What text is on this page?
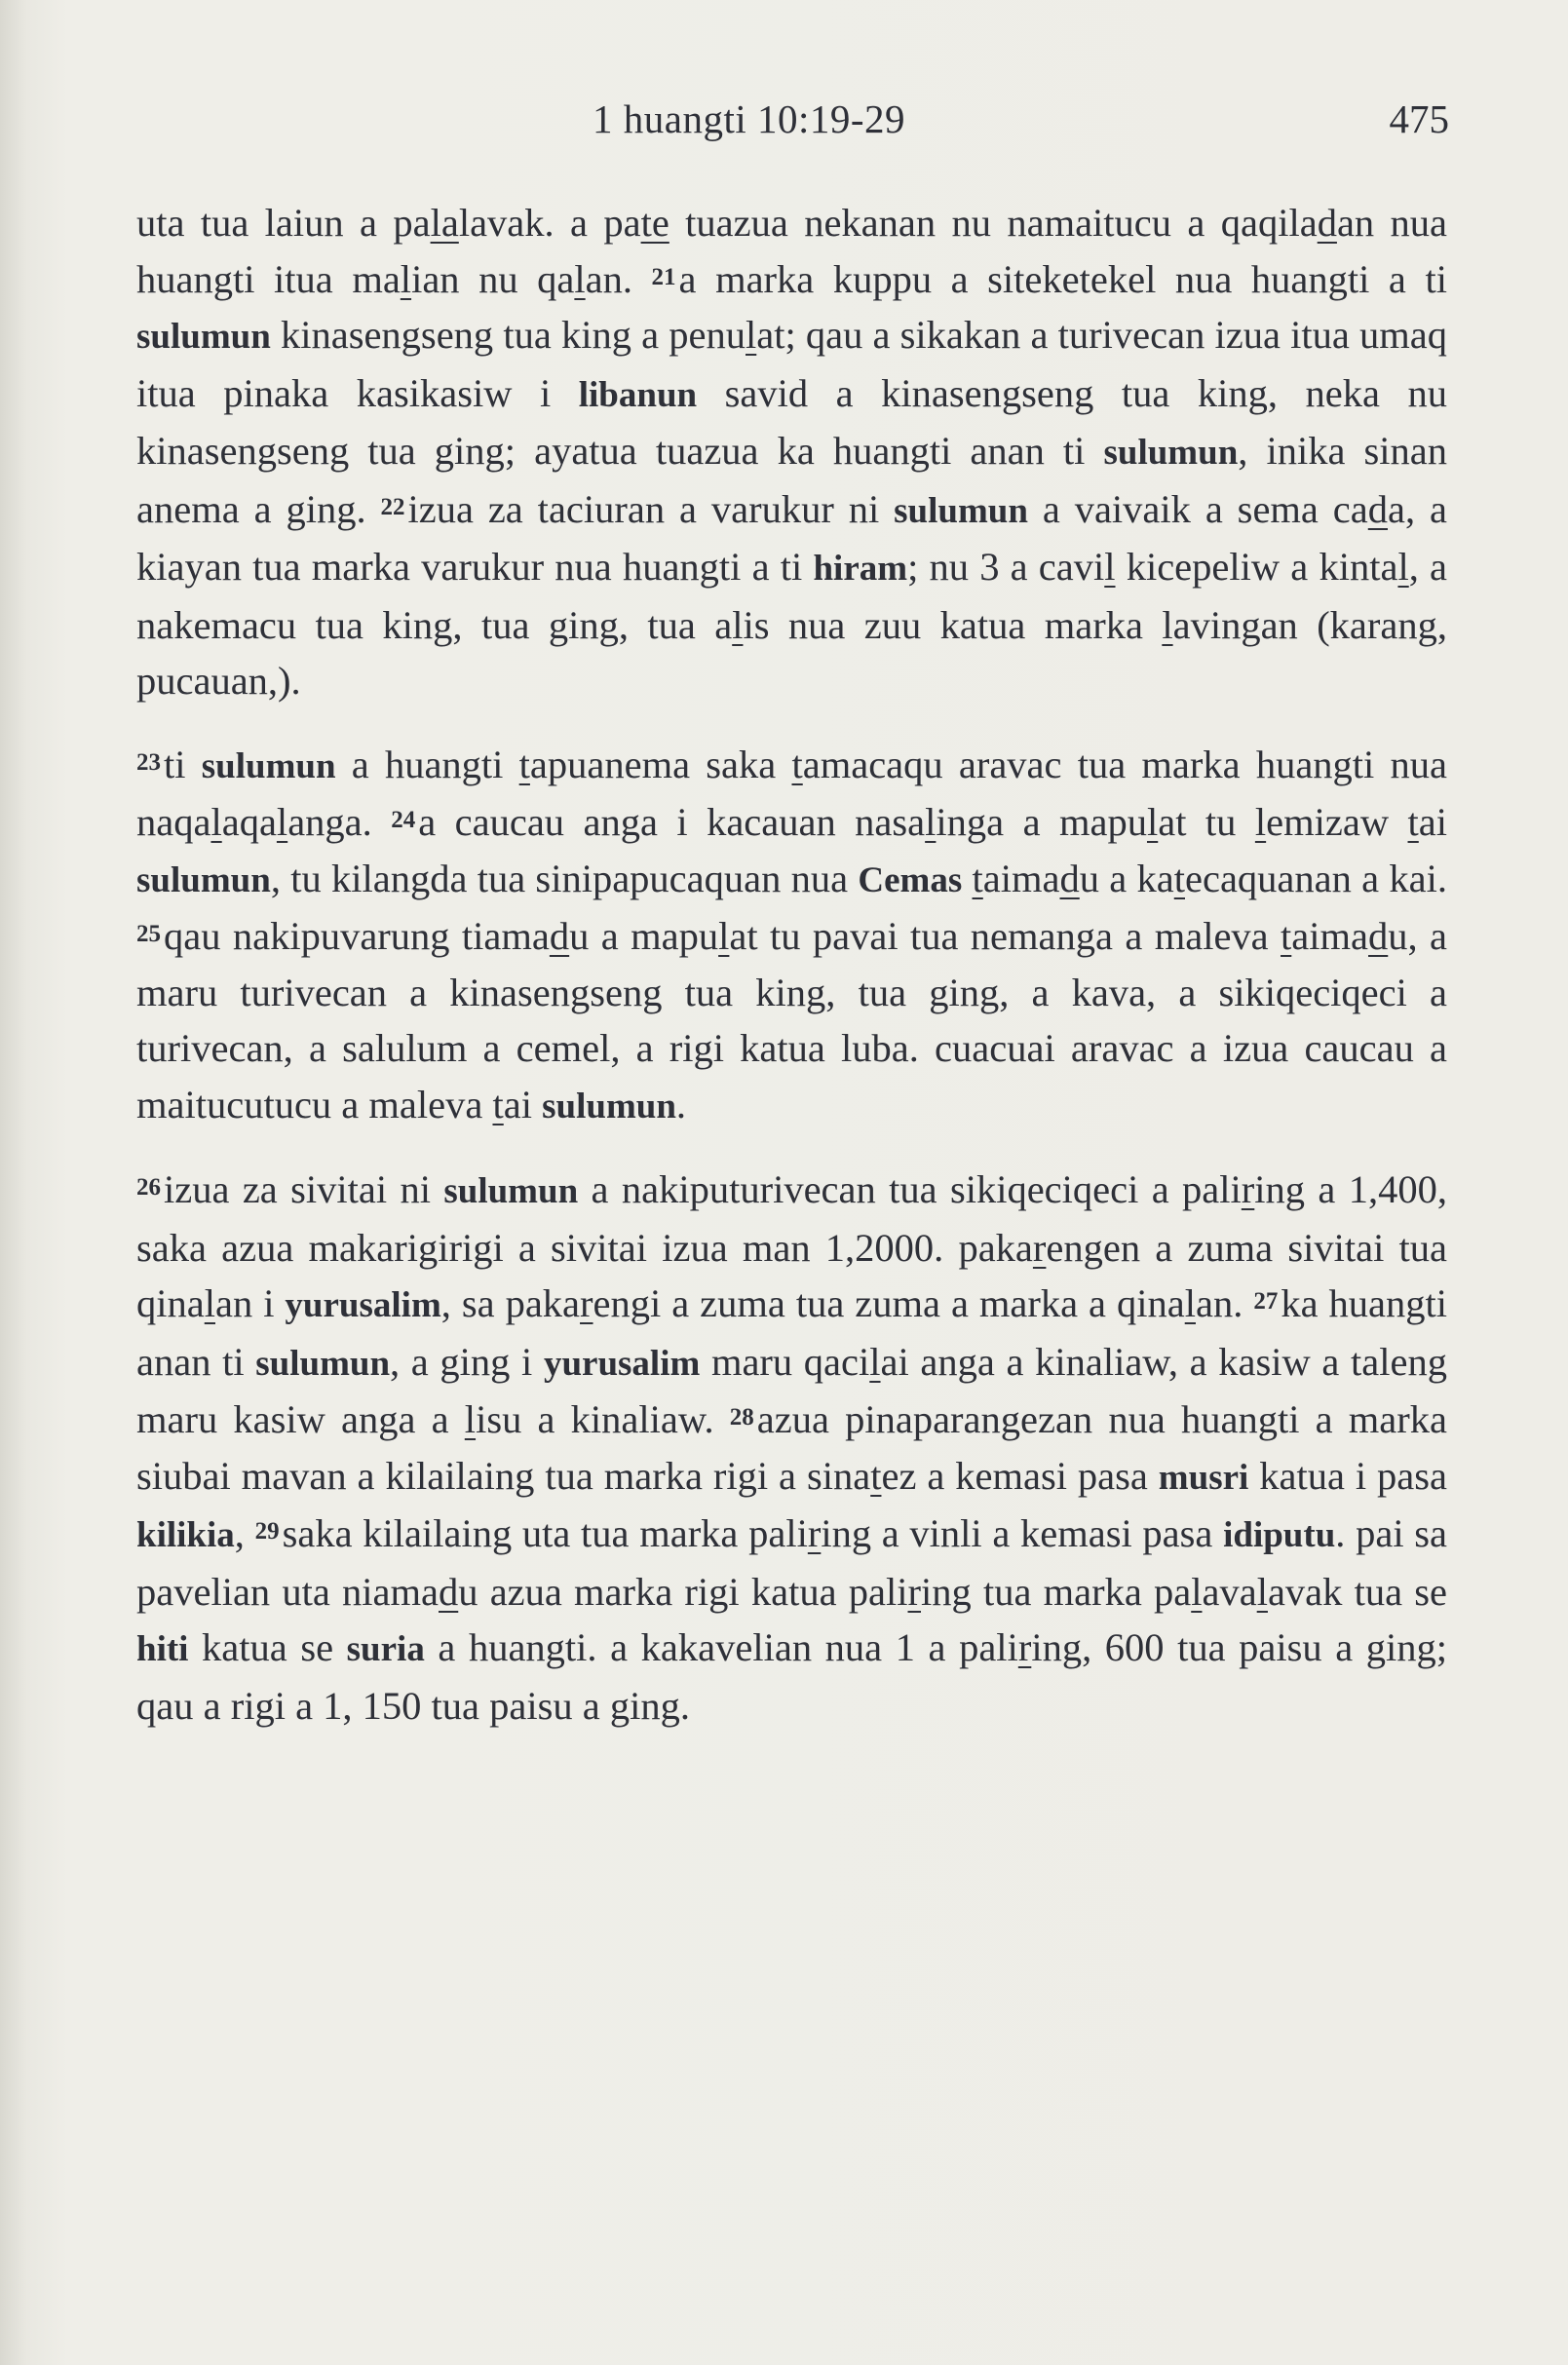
1 huangti 10:19-29	475

uta tua laiun a palalavak. a pate tuazua nekanan nu namaitucu a qaqiladan nua huangti itua malian nu qalan. $^{21}$a marka kuppu a siteketekel nua huangti a ti sulumun kinasengseng tua king a penulat; qau a sikakan a turivecan izua itua umaq itua pinaka kasikasiw i libanun savid a kinasengseng tua king, neka nu kinasengseng tua ging; ayatua tuazua ka huangti anan ti sulumun, inika sinan anema a ging. $^{22}$izua za taciuran a varukur ni sulumun a vaivaik a sema cada, a kiayan tua marka varukur nua huangti a ti hiram; nu 3 a cavil kicepeliw a kintal, a nakemacu tua king, tua ging, tua alis nua zuu katua marka lavingan (karang, pucauan,).

$^{23}$ti sulumun a huangti tapuanema saka tamacaqu aravac tua marka huangti nua naqalaqalanga. $^{24}$a caucau anga i kacauan nasalinga a mapulat tu lemizaw tai sulumun, tu kilangda tua sinipapucaquan nua Cemas taimadu a katecaquanan a kai. $^{25}$qau nakipuvarung tiamadu a mapulat tu pavai tua nemanga a maleva taimadu, a maru turivecan a kinasengseng tua king, tua ging, a kava, a sikiqeciqeci a turivecan, a salulum a cemel, a rigi katua luba. cuacuai aravac a izua caucau a maitucutucu a maleva tai sulumun.

$^{26}$izua za sivitai ni sulumun a nakiputurivecan tua sikiqeciqeci a paliring a 1,400, saka azua makarigirigi a sivitai izua man 1,2000. pakarengen a zuma sivitai tua qinalan i yurusalim, sa pakarengi a zuma tua zuma a marka a qinalan. $^{27}$ka huangti anan ti sulumun, a ging i yurusalim maru qacilai anga a kinaliaw, a kasiw a taleng maru kasiw anga a lisu a kinaliaw. $^{28}$azua pinaparangezan nua huangti a marka siubai mavan a kilailaing tua marka rigi a sinatez a kemasi pasa musri katua i pasa kilikia, $^{29}$saka kilailaing uta tua marka paliring a vinli a kemasi pasa idiputu. pai sa pavelian uta niamadu azua marka rigi katua paliring tua marka palavalavak tua se hiti katua se suria a huangti. a kakavelian nua 1 a paliring, 600 tua paisu a ging; qau a rigi a 1, 150 tua paisu a ging.
